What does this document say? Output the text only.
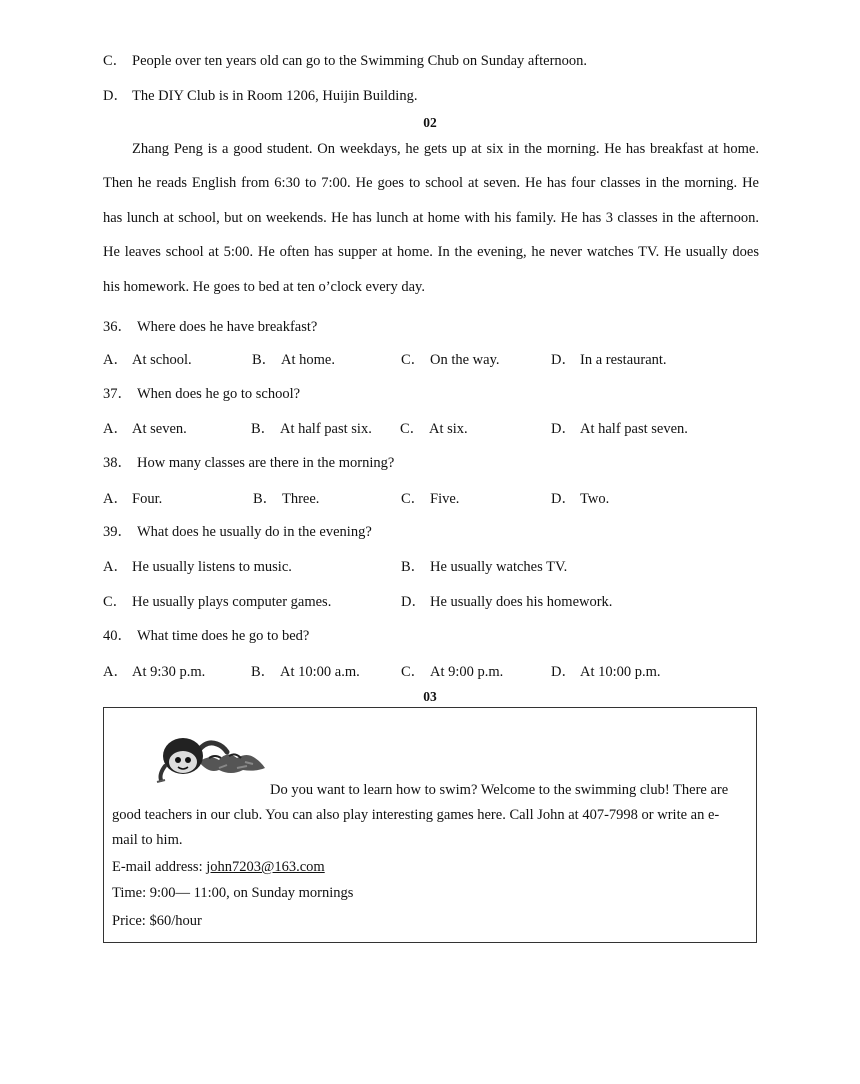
C． People over ten years old can go to the Swimming Chub on Sunday afternoon.
D． The DIY Club is in Room 1206, Huijin Building.
02
Zhang Peng is a good student. On weekdays, he gets up at six in the morning. He has breakfast at home.
Then he reads English from 6:30 to 7:00. He goes to school at seven. He has four classes in the morning. He
has lunch at school, but on weekends. He has lunch at home with his family. He has 3 classes in the afternoon.
He leaves school at 5:00. He often has supper at home. In the evening, he never watches TV. He usually does
his homework. He goes to bed at ten o’clock every day.
36． Where does he have breakfast?
A． At school.	B． At home.	C． On the way.	D． In a restaurant.
37． When does he go to school?
A． At seven.	B． At half past six. C． At six.	D． At half past seven.
38． How many classes are there in the morning?
A． Four.	B． Three.	C． Five.	D． Two.
39． What does he usually do in the evening?
A． He usually listens to music.	B． He usually watches TV.
C． He usually plays computer games.	D． He usually does his homework.
40． What time does he go to bed?
A． At 9:30 p.m.	B． At 10:00 a.m.	C． At 9:00 p.m.	D． At 10:00 p.m.
03
Do you want to learn how to swim? Welcome to the swimming club! There are
good teachers in our club. You can also play interesting games here. Call John at 407-7998 or write an e-
mail to him.
E-mail address: john7203@163.com
Time: 9:00— 11:00, on Sunday mornings
Price: $60/hour
